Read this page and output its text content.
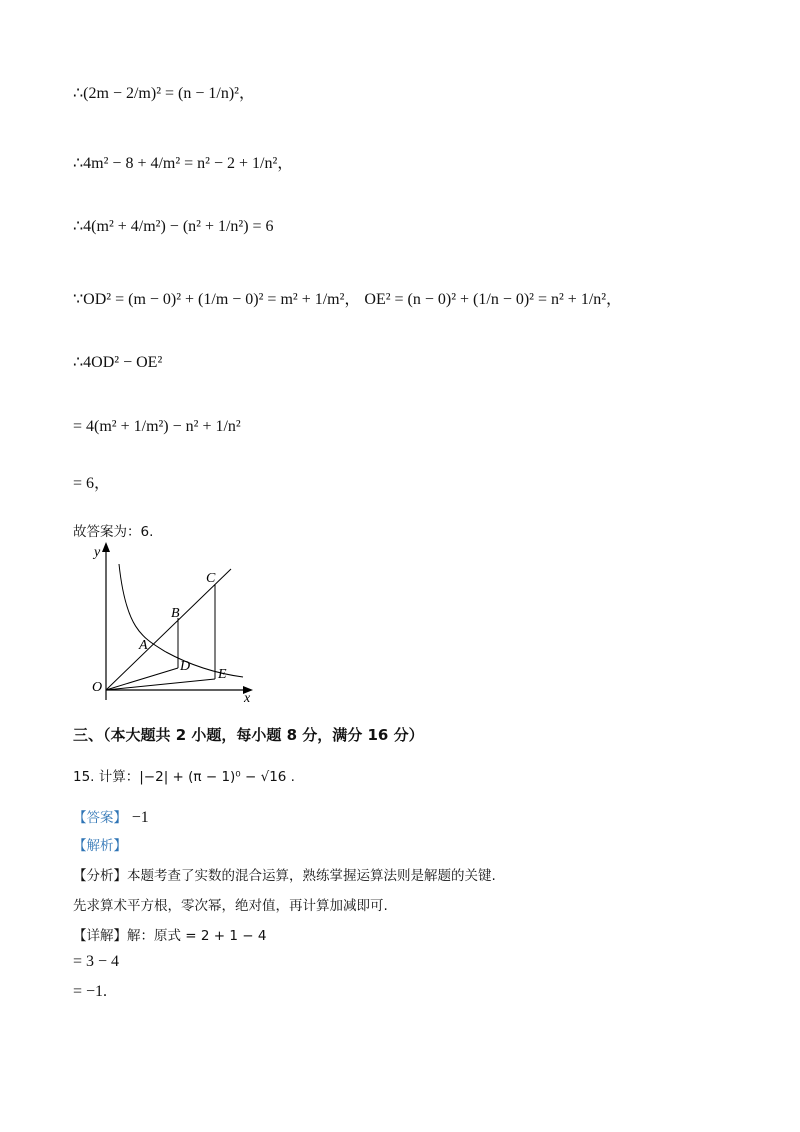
∴(2m − 2/m)² = (n − 1/n)²，
∴4m² − 8 + 4/m² = n² − 2 + 1/n²，
∴4(m² + 4/m²) − (n² + 1/n²) = 6
∵OD² = (m − 0)² + (1/m − 0)² = m² + 1/m²， OE² = (n − 0)² + (1/n − 0)² = n² + 1/n²，
∴4OD² − OE²
= 4(m² + 1/m²) − n² + 1/n²
= 6，
故答案为：6.
y
x
O
A
B
C
D
E
三、（本大题共 2 小题，每小题 8 分，满分 16 分）
15. 计算：|−2| + (π − 1)⁰ − √16 .
【答案】 −1
【解析】
【分析】本题考查了实数的混合运算，熟练掌握运算法则是解题的关键.
先求算术平方根，零次幂，绝对值，再计算加减即可.
【详解】解：原式 = 2 + 1 − 4
= 3 − 4
= −1.
